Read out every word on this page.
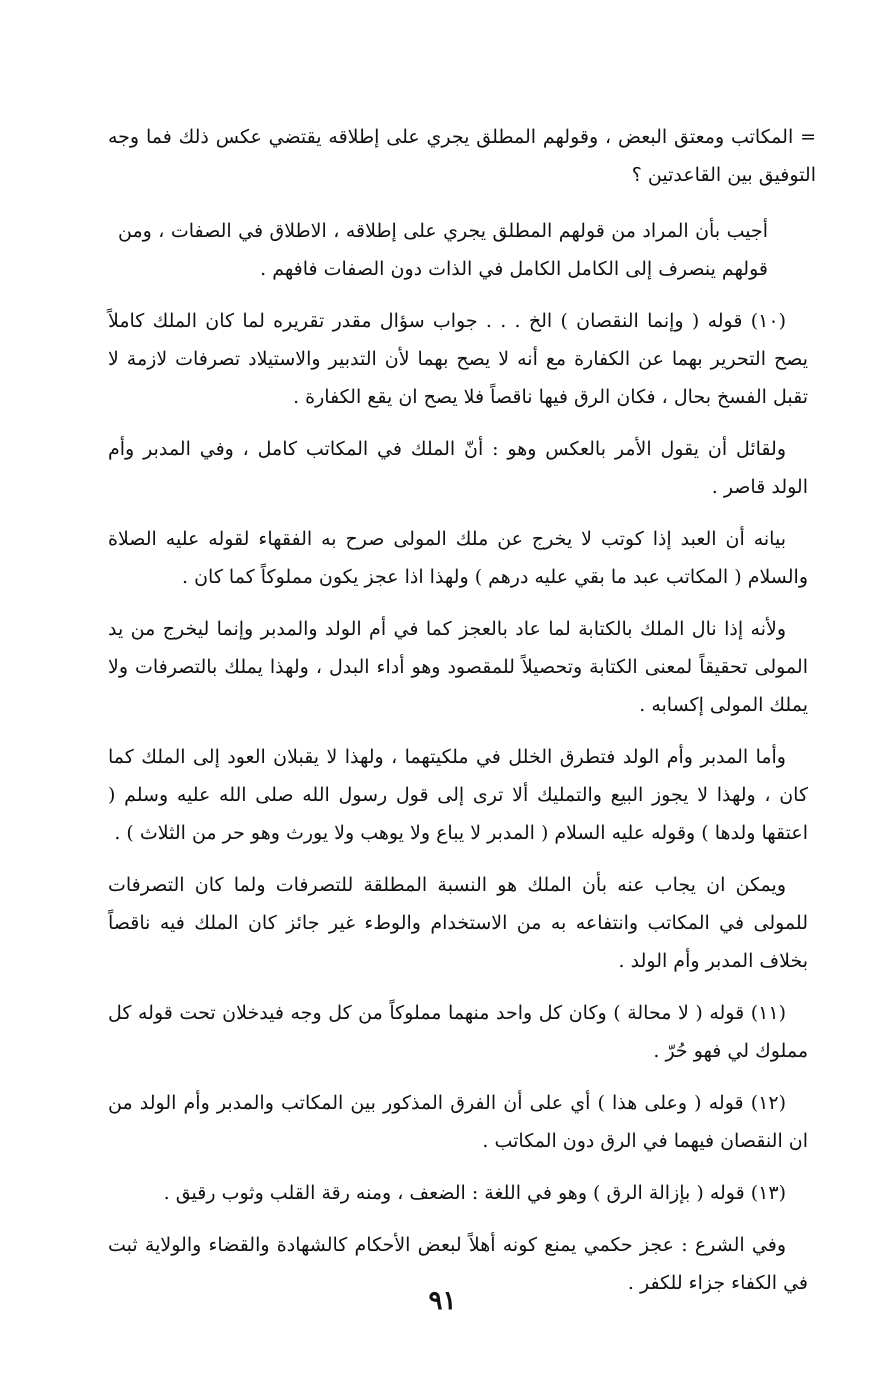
= المكاتب ومعتق البعض ، وقولهم المطلق يجري على إطلاقه يقتضي عكس ذلك فما وجه التوفيق بين القاعدتين ؟

أجيب بأن المراد من قولهم المطلق يجري على إطلاقه ، الاطلاق في الصفات ، ومن قولهم ينصرف إلى الكامل الكامل في الذات دون الصفات فافهم .

(١٠) قوله ( وإنما النقصان ) الخ . . . جواب سؤال مقدر تقريره لما كان الملك كاملاً يصح التحرير بهما عن الكفارة مع أنه لا يصح بهما لأن التدبير والاستيلاد تصرفات لازمة لا تقبل الفسخ بحال ، فكان الرق فيها ناقصاً فلا يصح ان يقع الكفارة .

ولقائل أن يقول الأمر بالعكس وهو : أنّ الملك في المكاتب كامل ، وفي المدبر وأم الولد قاصر .

بيانه أن العبد إذا كوتب لا يخرج عن ملك المولى صرح به الفقهاء لقوله عليه الصلاة والسلام ( المكاتب عبد ما بقي عليه درهم ) ولهذا اذا عجز يكون مملوكاً كما كان .

ولأنه إذا نال الملك بالكتابة لما عاد بالعجز كما في أم الولد والمدبر وإنما ليخرج من يد المولى تحقيقاً لمعنى الكتابة وتحصيلاً للمقصود وهو أداء البدل ، ولهذا يملك بالتصرفات ولا يملك المولى إكسابه .

وأما المدبر وأم الولد فتطرق الخلل في ملكيتهما ، ولهذا لا يقبلان العود إلى الملك كما كان ، ولهذا لا يجوز البيع والتمليك ألا ترى إلى قول رسول الله صلى الله عليه وسلم ( اعتقها ولدها ) وقوله عليه السلام ( المدبر لا يباع ولا يوهب ولا يورث وهو حر من الثلاث ) .

ويمكن ان يجاب عنه بأن الملك هو النسبة المطلقة للتصرفات ولما كان التصرفات للمولى في المكاتب وانتفاعه به من الاستخدام والوطء غير جائز كان الملك فيه ناقصاً بخلاف المدبر وأم الولد .

(١١) قوله ( لا محالة ) وكان كل واحد منهما مملوكاً من كل وجه فيدخلان تحت قوله كل مملوك لي فهو حُرّ .

(١٢) قوله ( وعلى هذا ) أي على أن الفرق المذكور بين المكاتب والمدبر وأم الولد من ان النقصان فيهما في الرق دون المكاتب .

(١٣) قوله ( بإزالة الرق ) وهو في اللغة : الضعف ، ومنه رقة القلب وثوب رقيق .

وفي الشرع : عجز حكمي يمنع كونه أهلاً لبعض الأحكام كالشهادة والقضاء والولاية ثبت في الكفاء جزاء للكفر .

٩١
